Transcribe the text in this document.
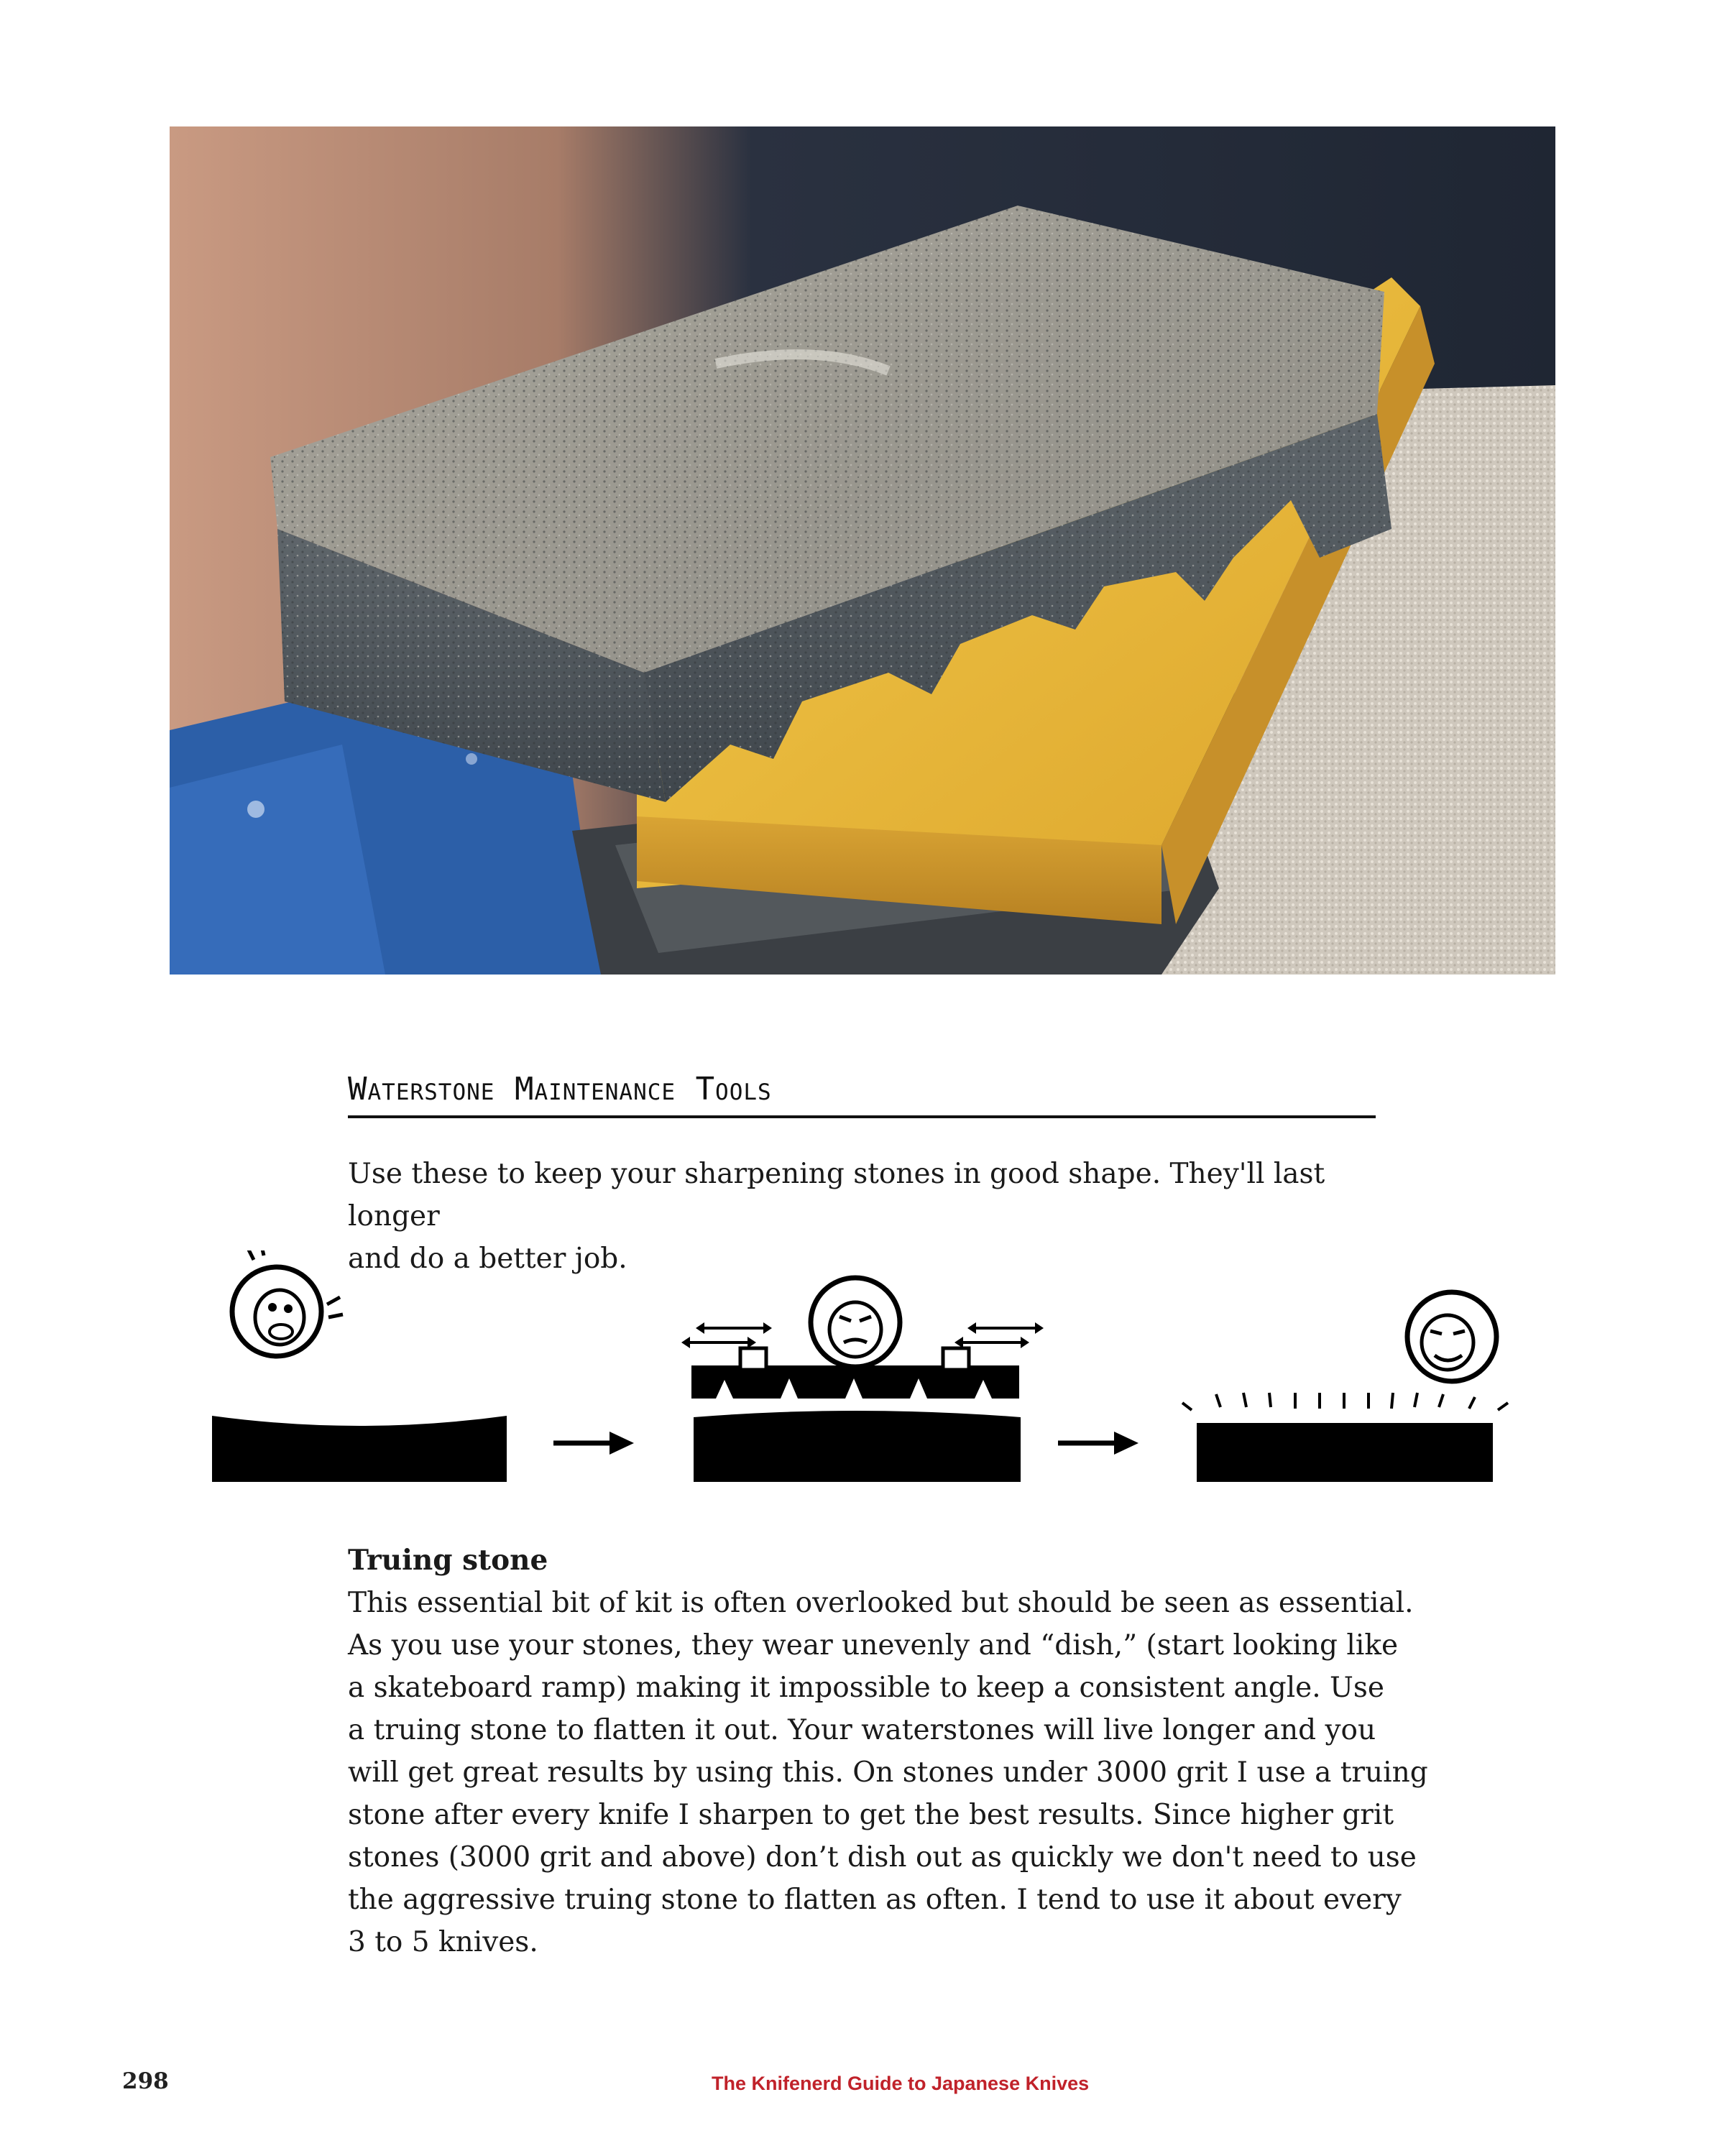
Waterstone Maintenance Tools
Use these to keep your sharpening stones in good shape. They'll last longer
and do a better job.
Truing stone
This essential bit of kit is often overlooked but should be seen as essential.
As you use your stones, they wear unevenly and “dish,” (start looking like
a skateboard ramp) making it impossible to keep a consistent angle. Use
a truing stone to flatten it out. Your waterstones will live longer and you
will get great results by using this. On stones under 3000 grit I use a truing
stone after every knife I sharpen to get the best results. Since higher grit
stones (3000 grit and above) don’t dish out as quickly we don't need to use
the aggressive truing stone to flatten as often. I tend to use it about every
3 to 5 knives.
298	The Knifenerd Guide to Japanese Knives
